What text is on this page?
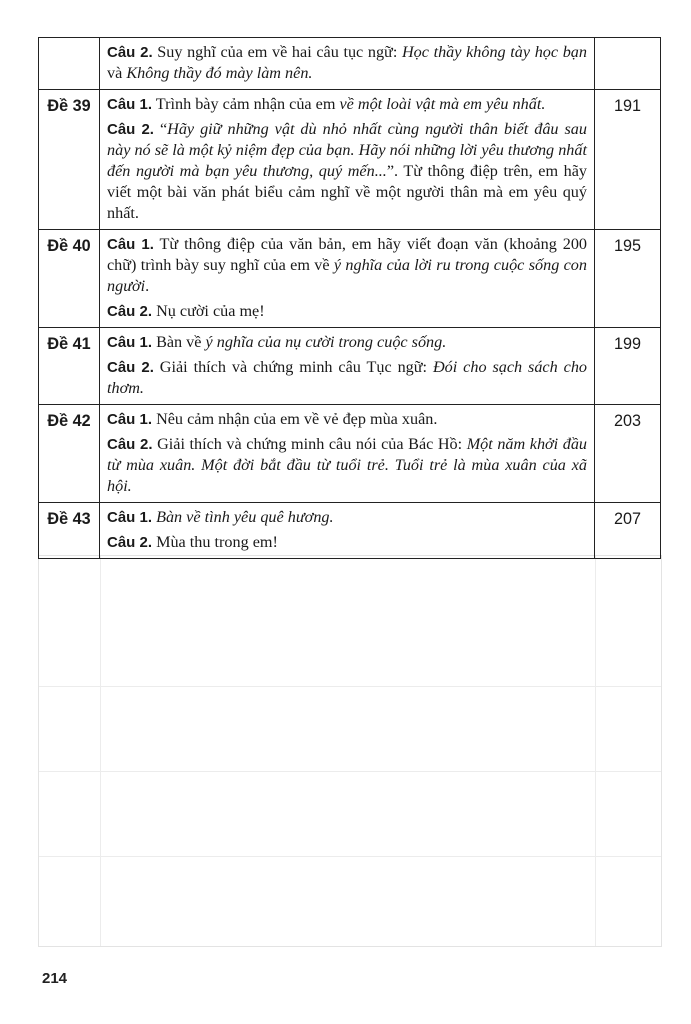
	Câu 2. Suy nghĩ của em về hai câu tục ngữ: Học thầy không tày học bạn và Không thầy đó mày làm nên.	

Đề 39	Câu 1. Trình bày cảm nhận của em về một loài vật mà em yêu nhất.
Câu 2. “Hãy giữ những vật dù nhỏ nhất cùng người thân biết đâu sau này nó sẽ là một kỷ niệm đẹp của bạn. Hãy nói những lời yêu thương nhất đến người mà bạn yêu thương, quý mến...”. Từ thông điệp trên, em hãy viết một bài văn phát biểu cảm nghĩ về một người thân mà em yêu quý nhất.	191
Đề 40	Câu 1. Từ thông điệp của văn bản, em hãy viết đoạn văn (khoảng 200 chữ) trình bày suy nghĩ của em về ý nghĩa của lời ru trong cuộc sống con người.
Câu 2. Nụ cười của mẹ!	195
Đề 41	Câu 1. Bàn về ý nghĩa của nụ cười trong cuộc sống.
Câu 2. Giải thích và chứng minh câu Tục ngữ: Đói cho sạch sách cho thơm.	199
Đề 42	Câu 1. Nêu cảm nhận của em về vẻ đẹp mùa xuân.
Câu 2. Giải thích và chứng minh câu nói của Bác Hồ: Một năm khởi đầu từ mùa xuân. Một đời bắt đầu từ tuổi trẻ. Tuổi trẻ là mùa xuân của xã hội.	203
Đề 43	Câu 1. Bàn về tình yêu quê hương.
Câu 2. Mùa thu trong em!	207
214
